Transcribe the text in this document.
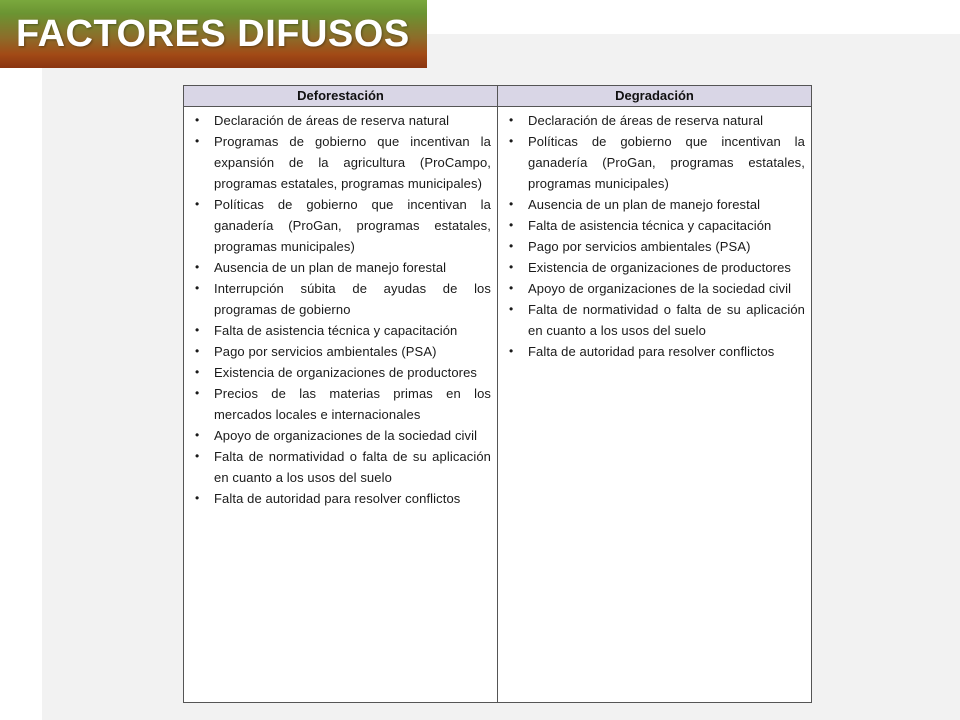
FACTORES DIFUSOS
Deforestación	Degradación
• Declaración de áreas de reserva natural
• Programas de gobierno que incentivan la expansión de la agricultura (ProCampo, programas estatales, programas municipales)
• Políticas de gobierno que incentivan la ganadería (ProGan, programas estatales, programas municipales)
• Ausencia de un plan de manejo forestal
• Interrupción súbita de ayudas de los programas de gobierno
• Falta de asistencia técnica y capacitación
• Pago por servicios ambientales (PSA)
• Existencia de organizaciones de productores
• Precios de las materias primas en los mercados locales e internacionales
• Apoyo de organizaciones de la sociedad civil
• Falta de normatividad o falta de su aplicación en cuanto a los usos del suelo
• Falta de autoridad para resolver conflictos
• Declaración de áreas de reserva natural
• Políticas de gobierno que incentivan la ganadería (ProGan, programas estatales, programas municipales)
• Ausencia de un plan de manejo forestal
• Falta de asistencia técnica y capacitación
• Pago por servicios ambientales (PSA)
• Existencia de organizaciones de productores
• Apoyo de organizaciones de la sociedad civil
• Falta de normatividad o falta de su aplicación en cuanto a los usos del suelo
• Falta de autoridad para resolver conflictos
